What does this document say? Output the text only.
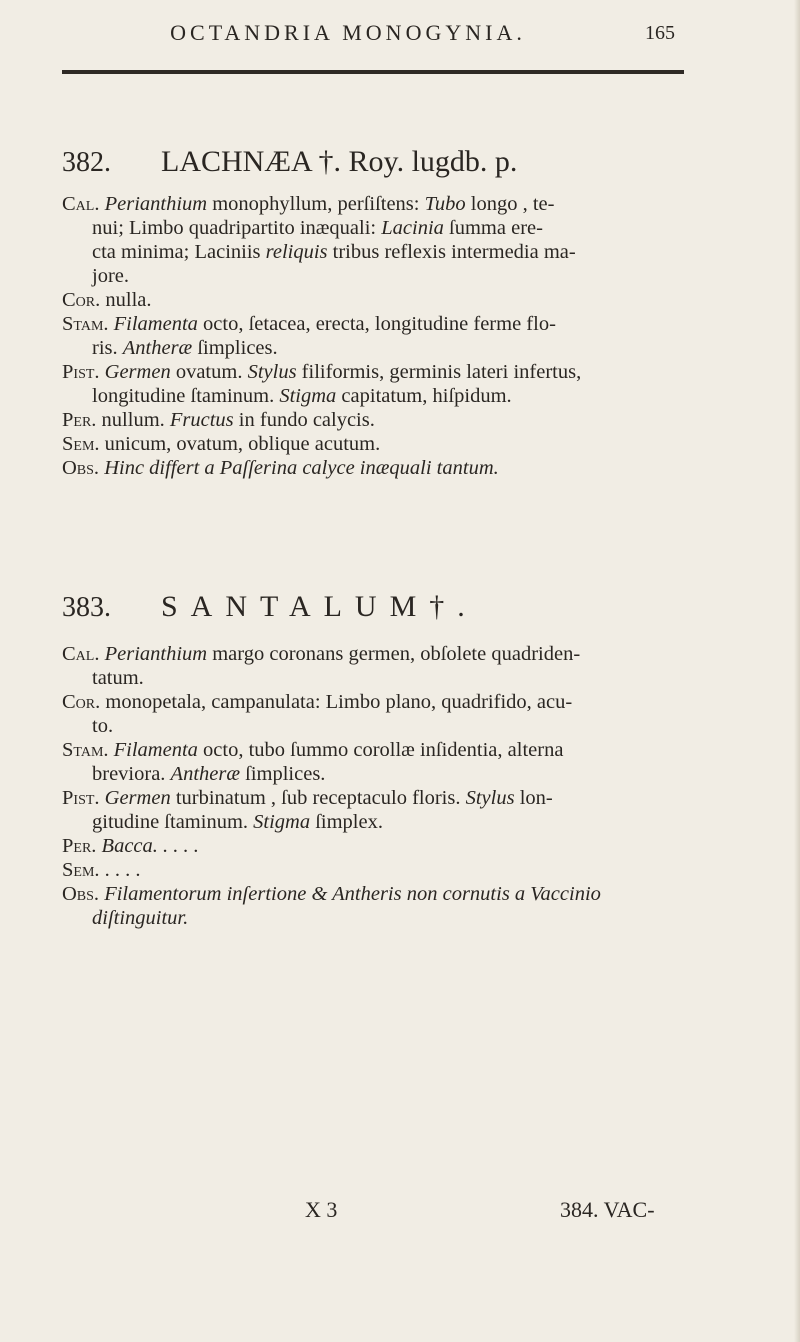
OCTANDRIA MONOGYNIA.	165
382. LACHNÆA †. Roy. lugdb. p.
Cal. Perianthium monophyllum, perſiſtens: Tubo longo , te-
nui; Limbo quadripartito inæquali: Lacinia ſumma ere-
cta minima; Laciniis reliquis tribus reflexis intermedia ma-
jore.
Cor. nulla.
Stam. Filamenta octo, ſetacea, erecta, longitudine ferme flo-
ris. Antheræ ſimplices.
Pist. Germen ovatum. Stylus filiformis, germinis lateri infertus,
longitudine ſtaminum. Stigma capitatum, hiſpidum.
Per. nullum. Fructus in fundo calycis.
Sem. unicum, ovatum, oblique acutum.
Obs. Hinc differt a Paſſerina calyce inæquali tantum.
383. SANTALUM†.
Cal. Perianthium margo coronans germen, obſolete quadriden-
tatum.
Cor. monopetala, campanulata: Limbo plano, quadrifido, acu-
to.
Stam. Filamenta octo, tubo ſummo corollæ inſidentia, alterna
breviora. Antheræ ſimplices.
Pist. Germen turbinatum , ſub receptaculo floris. Stylus lon-
gitudine ſtaminum. Stigma ſimplex.
Per. Bacca. . . . .
Sem. . . . .
Obs. Filamentorum inſertione & Antheris non cornutis a Vaccinio
diſtinguitur.
X 3	384. VAC-
